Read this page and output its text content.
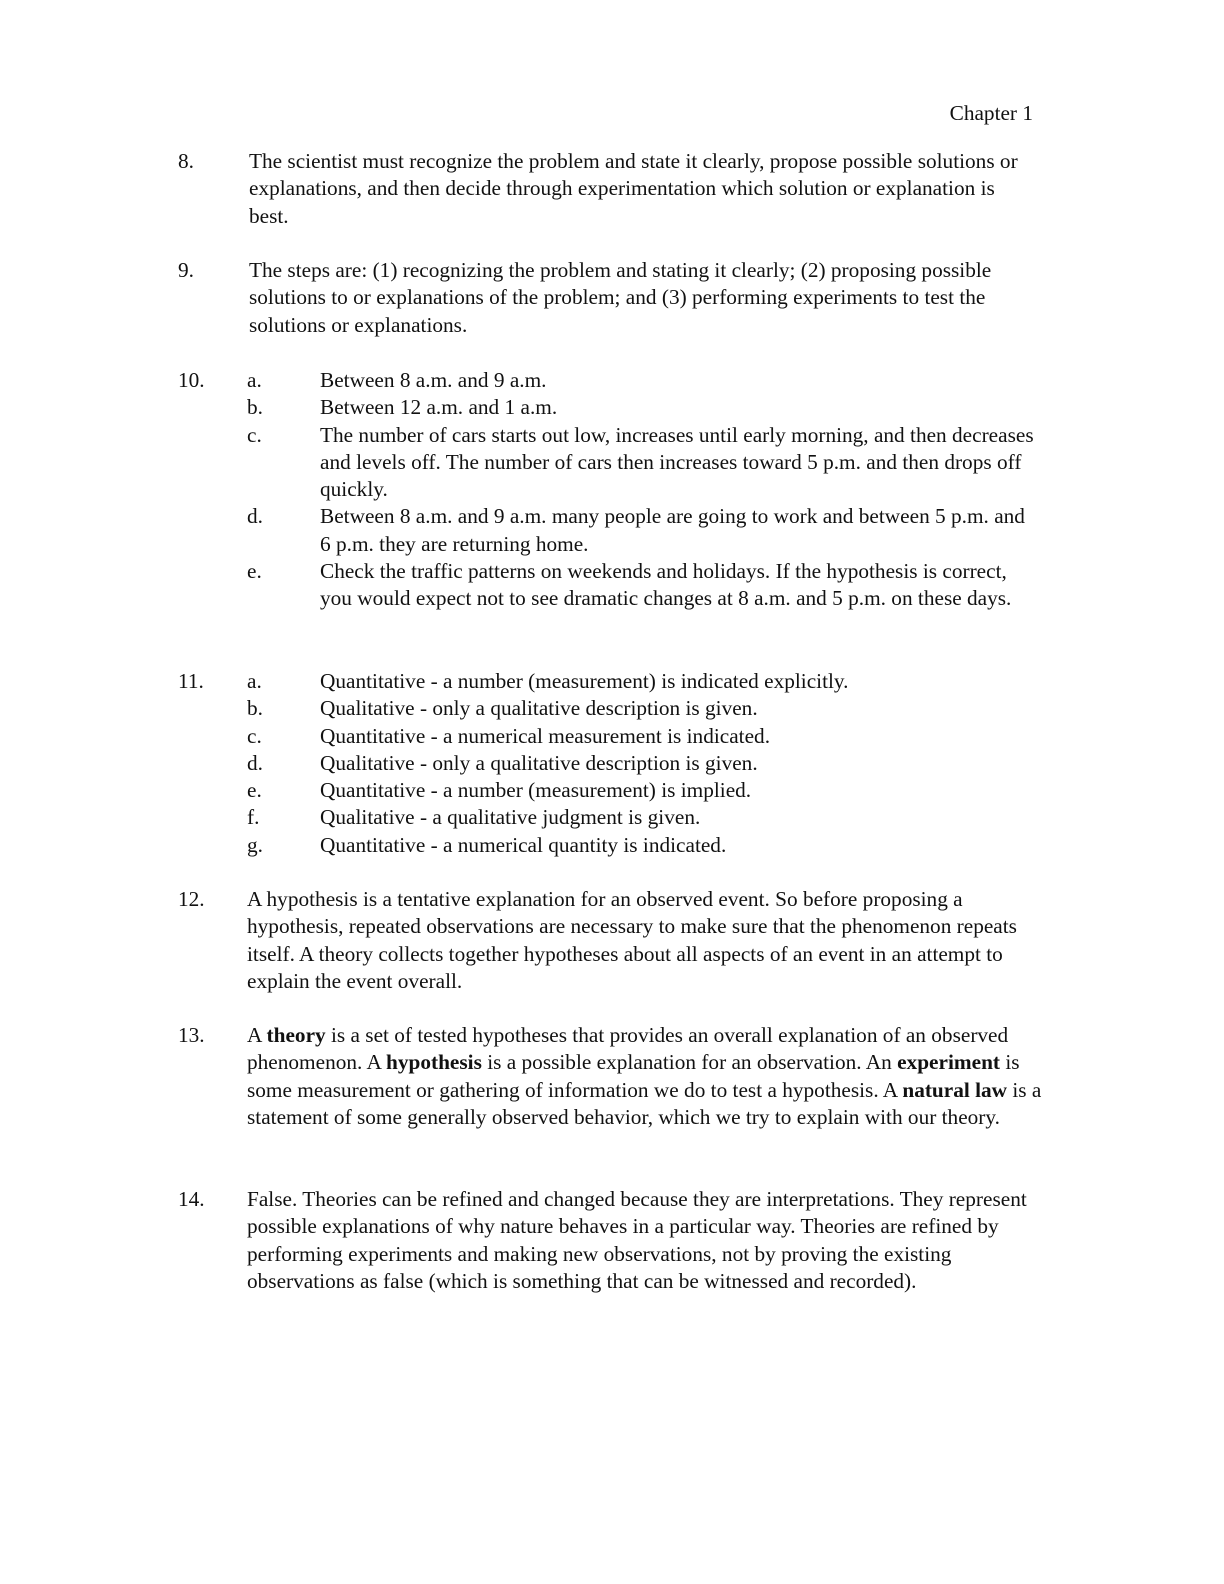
Chapter 1
8.	The scientist must recognize the problem and state it clearly, propose possible solutions or explanations, and then decide through experimentation which solution or explanation is best.
9.	The steps are: (1) recognizing the problem and stating it clearly; (2) proposing possible solutions to or explanations of the problem; and (3) performing experiments to test the solutions or explanations.
10. a.	Between 8 a.m. and 9 a.m.
b.	Between 12 a.m. and 1 a.m.
c.	The number of cars starts out low, increases until early morning, and then decreases and levels off. The number of cars then increases toward 5 p.m. and then drops off quickly.
d.	Between 8 a.m. and 9 a.m. many people are going to work and between 5 p.m. and 6 p.m. they are returning home.
e.	Check the traffic patterns on weekends and holidays. If the hypothesis is correct, you would expect not to see dramatic changes at 8 a.m. and 5 p.m. on these days.
11. a.	Quantitative - a number (measurement) is indicated explicitly.
b.	Qualitative - only a qualitative description is given.
c.	Quantitative - a numerical measurement is indicated.
d.	Qualitative - only a qualitative description is given.
e.	Quantitative - a number (measurement) is implied.
f.	Qualitative - a qualitative judgment is given.
g.	Quantitative - a numerical quantity is indicated.
12. A hypothesis is a tentative explanation for an observed event. So before proposing a hypothesis, repeated observations are necessary to make sure that the phenomenon repeats itself. A theory collects together hypotheses about all aspects of an event in an attempt to explain the event overall.
13. A theory is a set of tested hypotheses that provides an overall explanation of an observed phenomenon. A hypothesis is a possible explanation for an observation. An experiment is some measurement or gathering of information we do to test a hypothesis. A natural law is a statement of some generally observed behavior, which we try to explain with our theory.
14. False. Theories can be refined and changed because they are interpretations. They represent possible explanations of why nature behaves in a particular way. Theories are refined by performing experiments and making new observations, not by proving the existing observations as false (which is something that can be witnessed and recorded).
